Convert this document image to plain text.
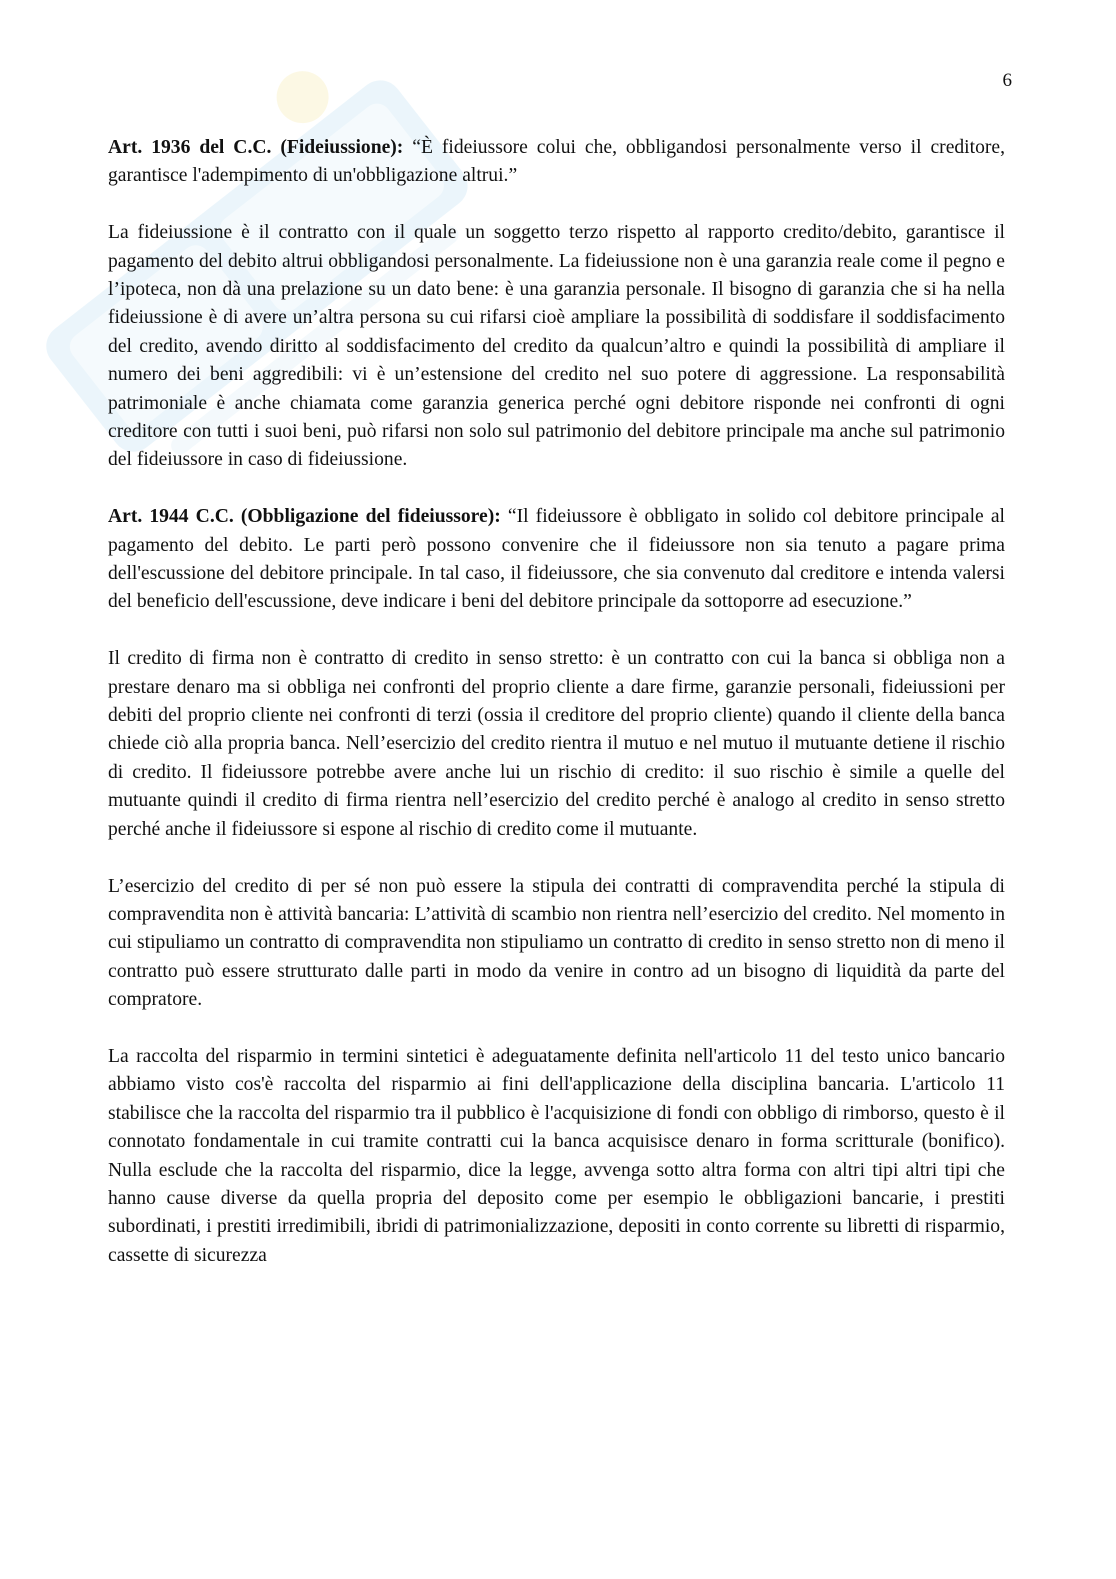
6

Art. 1936 del C.C. (Fideiussione): “È fideiussore colui che, obbligandosi personalmente verso il creditore, garantisce l'adempimento di un'obbligazione altrui.”

La fideiussione è il contratto con il quale un soggetto terzo rispetto al rapporto credito/debito, garantisce il pagamento del debito altrui obbligandosi personalmente. La fideiussione non è una garanzia reale come il pegno e l’ipoteca, non dà una prelazione su un dato bene: è una garanzia personale. Il bisogno di garanzia che si ha nella fideiussione è di avere un’altra persona su cui rifarsi cioè ampliare la possibilità di soddisfare il soddisfacimento del credito, avendo diritto al soddisfacimento del credito da qualcun’altro e quindi la possibilità di ampliare il numero dei beni aggredibili: vi è un’estensione del credito nel suo potere di aggressione. La responsabilità patrimoniale è anche chiamata come garanzia generica perché ogni debitore risponde nei confronti di ogni creditore con tutti i suoi beni, può rifarsi non solo sul patrimonio del debitore principale ma anche sul patrimonio del fideiussore in caso di fideiussione.

Art. 1944 C.C. (Obbligazione del fideiussore): “Il fideiussore è obbligato in solido col debitore principale al pagamento del debito. Le parti però possono convenire che il fideiussore non sia tenuto a pagare prima dell'escussione del debitore principale. In tal caso, il fideiussore, che sia convenuto dal creditore e intenda valersi del beneficio dell'escussione, deve indicare i beni del debitore principale da sottoporre ad esecuzione.”

Il credito di firma non è contratto di credito in senso stretto: è un contratto con cui la banca si obbliga non a prestare denaro ma si obbliga nei confronti del proprio cliente a dare firme, garanzie personali, fideiussioni per debiti del proprio cliente nei confronti di terzi (ossia il creditore del proprio cliente) quando il cliente della banca chiede ciò alla propria banca. Nell’esercizio del credito rientra il mutuo e nel mutuo il mutuante detiene il rischio di credito. Il fideiussore potrebbe avere anche lui un rischio di credito: il suo rischio è simile a quelle del mutuante quindi il credito di firma rientra nell’esercizio del credito perché è analogo al credito in senso stretto perché anche il fideiussore si espone al rischio di credito come il mutuante.

L’esercizio del credito di per sé non può essere la stipula dei contratti di compravendita perché la stipula di compravendita non è attività bancaria: L’attività di scambio non rientra nell’esercizio del credito. Nel momento in cui stipuliamo un contratto di compravendita non stipuliamo un contratto di credito in senso stretto non di meno il contratto può essere strutturato dalle parti in modo da venire in contro ad un bisogno di liquidità da parte del compratore.

La raccolta del risparmio in termini sintetici è adeguatamente definita nell'articolo 11 del testo unico bancario abbiamo visto cos'è raccolta del risparmio ai fini dell'applicazione della disciplina bancaria. L'articolo 11 stabilisce che la raccolta del risparmio tra il pubblico è l'acquisizione di fondi con obbligo di rimborso, questo è il connotato fondamentale in cui tramite contratti cui la banca acquisisce denaro in forma scritturale (bonifico). Nulla esclude che la raccolta del risparmio, dice la legge, avvenga sotto altra forma con altri tipi altri tipi che hanno cause diverse da quella propria del deposito come per esempio le obbligazioni bancarie, i prestiti subordinati, i prestiti irredimibili, ibridi di patrimonializzazione, depositi in conto corrente su libretti di risparmio, cassette di sicurezza
